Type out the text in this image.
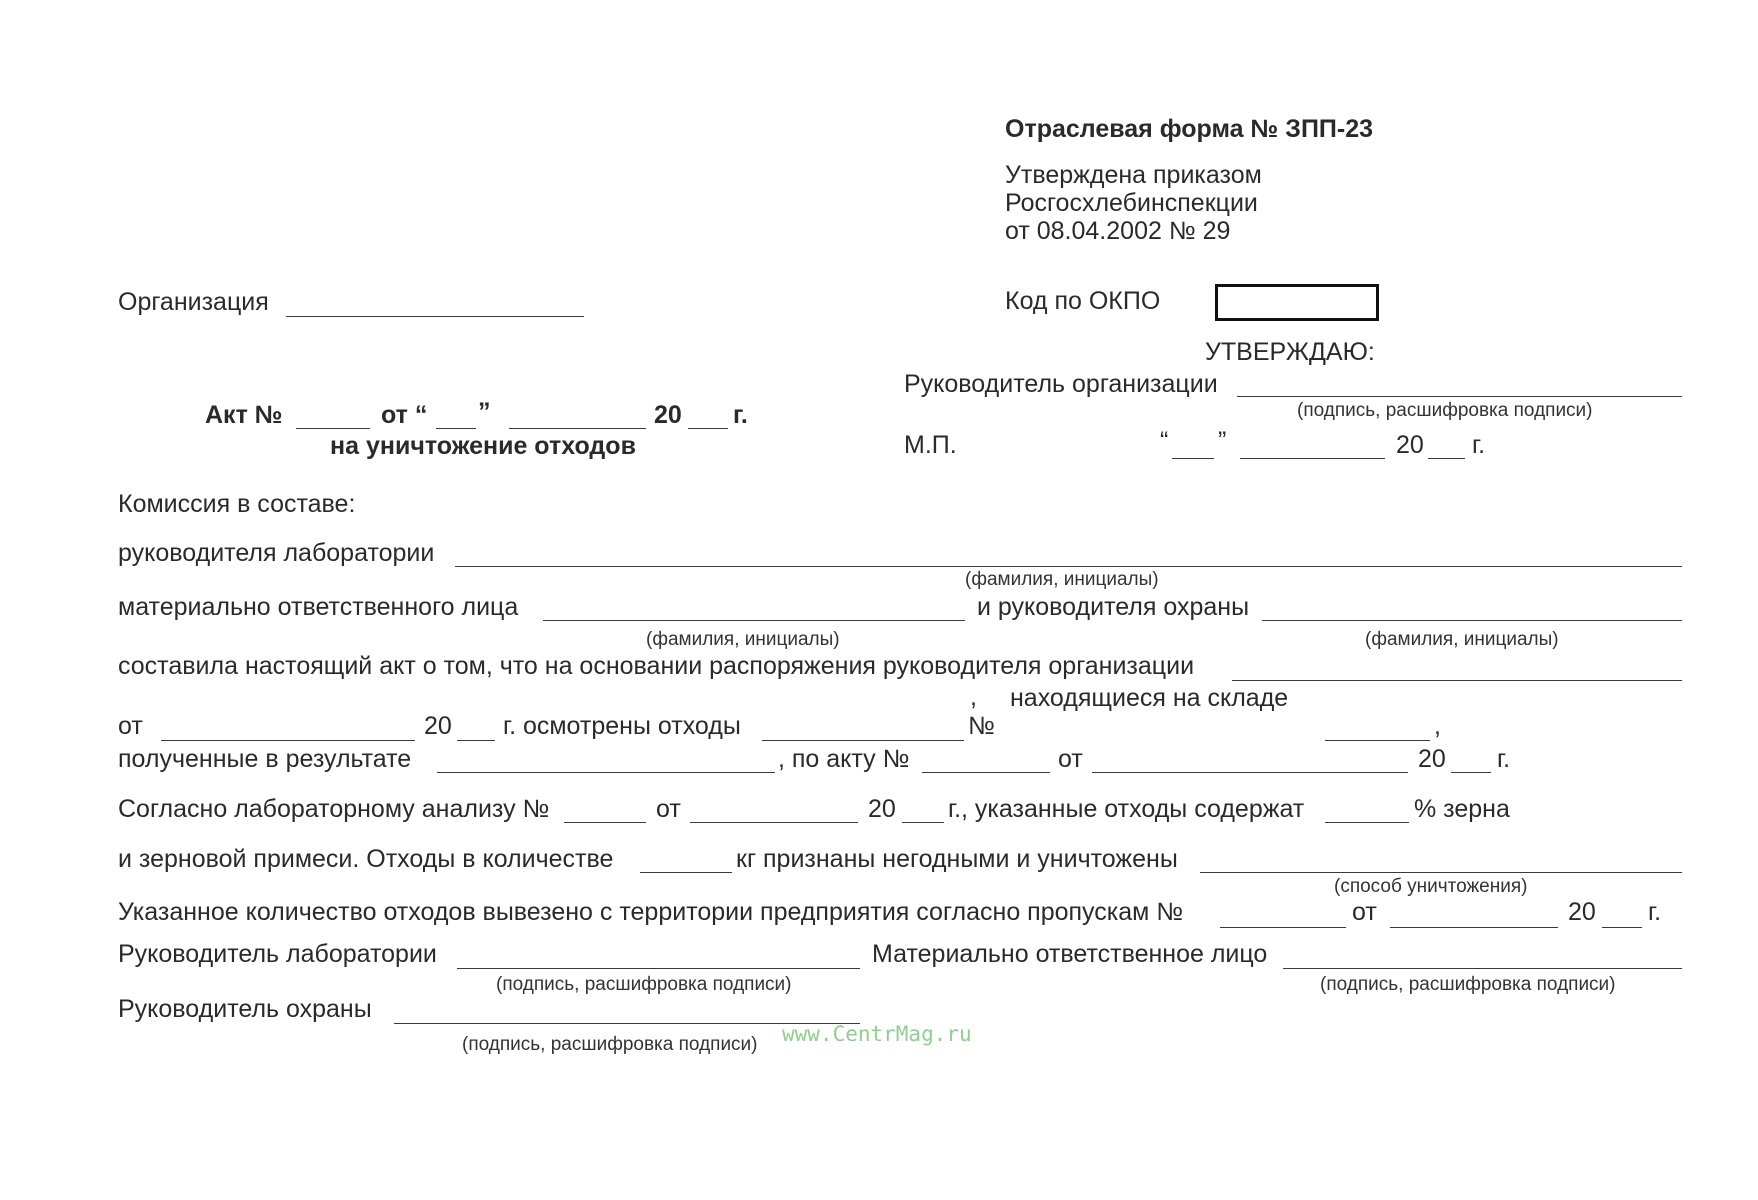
Отраслевая форма № ЗПП-23
Утверждена приказом
Росгосхлебинспекции
от 08.04.2002 № 29
Код по ОКПО
Организация
УТВЕРЖДАЮ:
Руководитель организации
(подпись, расшифровка подписи)
М.П.	“ ”	20 г.
Акт №	от “ ”	20 г.
на уничтожение отходов
Комиссия в составе:
руководителя лаборатории
(фамилия, инициалы)
материально ответственного лица
(фамилия, инициалы)
и руководителя охраны
(фамилия, инициалы)
составила настоящий акт о том, что на основании распоряжения руководителя организации
, находящиеся на складе
от	20 г. осмотрены отходы	№	,
полученные в результате	, по акту №	от	20 г.
Согласно лабораторному анализу №	от	20 г., указанные отходы содержат	% зерна
и зерновой примеси. Отходы в количестве	кг признаны негодными и уничтожены
(способ уничтожения)
Указанное количество отходов вывезено с территории предприятия согласно пропускам №	от	20 г.
Руководитель лаборатории
(подпись, расшифровка подписи)
Материально ответственное лицо
(подпись, расшифровка подписи)
Руководитель охраны
(подпись, расшифровка подписи) www.CentrMag.ru
